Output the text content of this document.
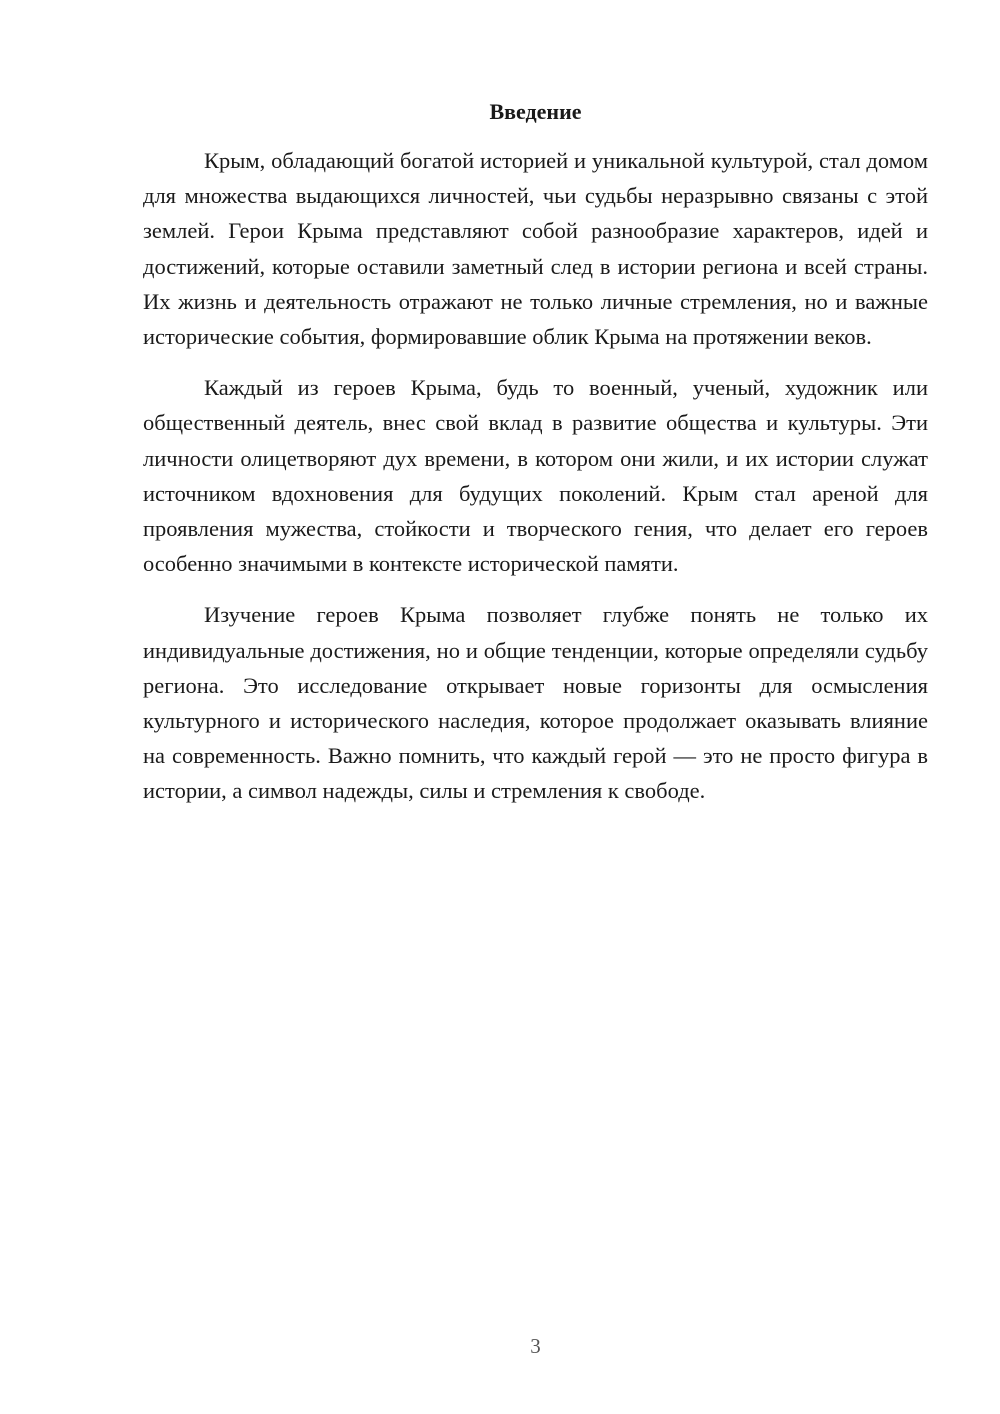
Введение

Крым, обладающий богатой историей и уникальной культурой, стал домом для множества выдающихся личностей, чьи судьбы неразрывно связаны с этой землей. Герои Крыма представляют собой разнообразие характеров, идей и достижений, которые оставили заметный след в истории региона и всей страны. Их жизнь и деятельность отражают не только личные стремления, но и важные исторические события, формировавшие облик Крыма на протяжении веков.

Каждый из героев Крыма, будь то военный, ученый, художник или общественный деятель, внес свой вклад в развитие общества и культуры. Эти личности олицетворяют дух времени, в котором они жили, и их истории служат источником вдохновения для будущих поколений. Крым стал ареной для проявления мужества, стойкости и творческого гения, что делает его героев особенно значимыми в контексте исторической памяти.

Изучение героев Крыма позволяет глубже понять не только их индивидуальные достижения, но и общие тенденции, которые определяли судьбу региона. Это исследование открывает новые горизонты для осмысления культурного и исторического наследия, которое продолжает оказывать влияние на современность. Важно помнить, что каждый герой — это не просто фигура в истории, а символ надежды, силы и стремления к свободе.

3
